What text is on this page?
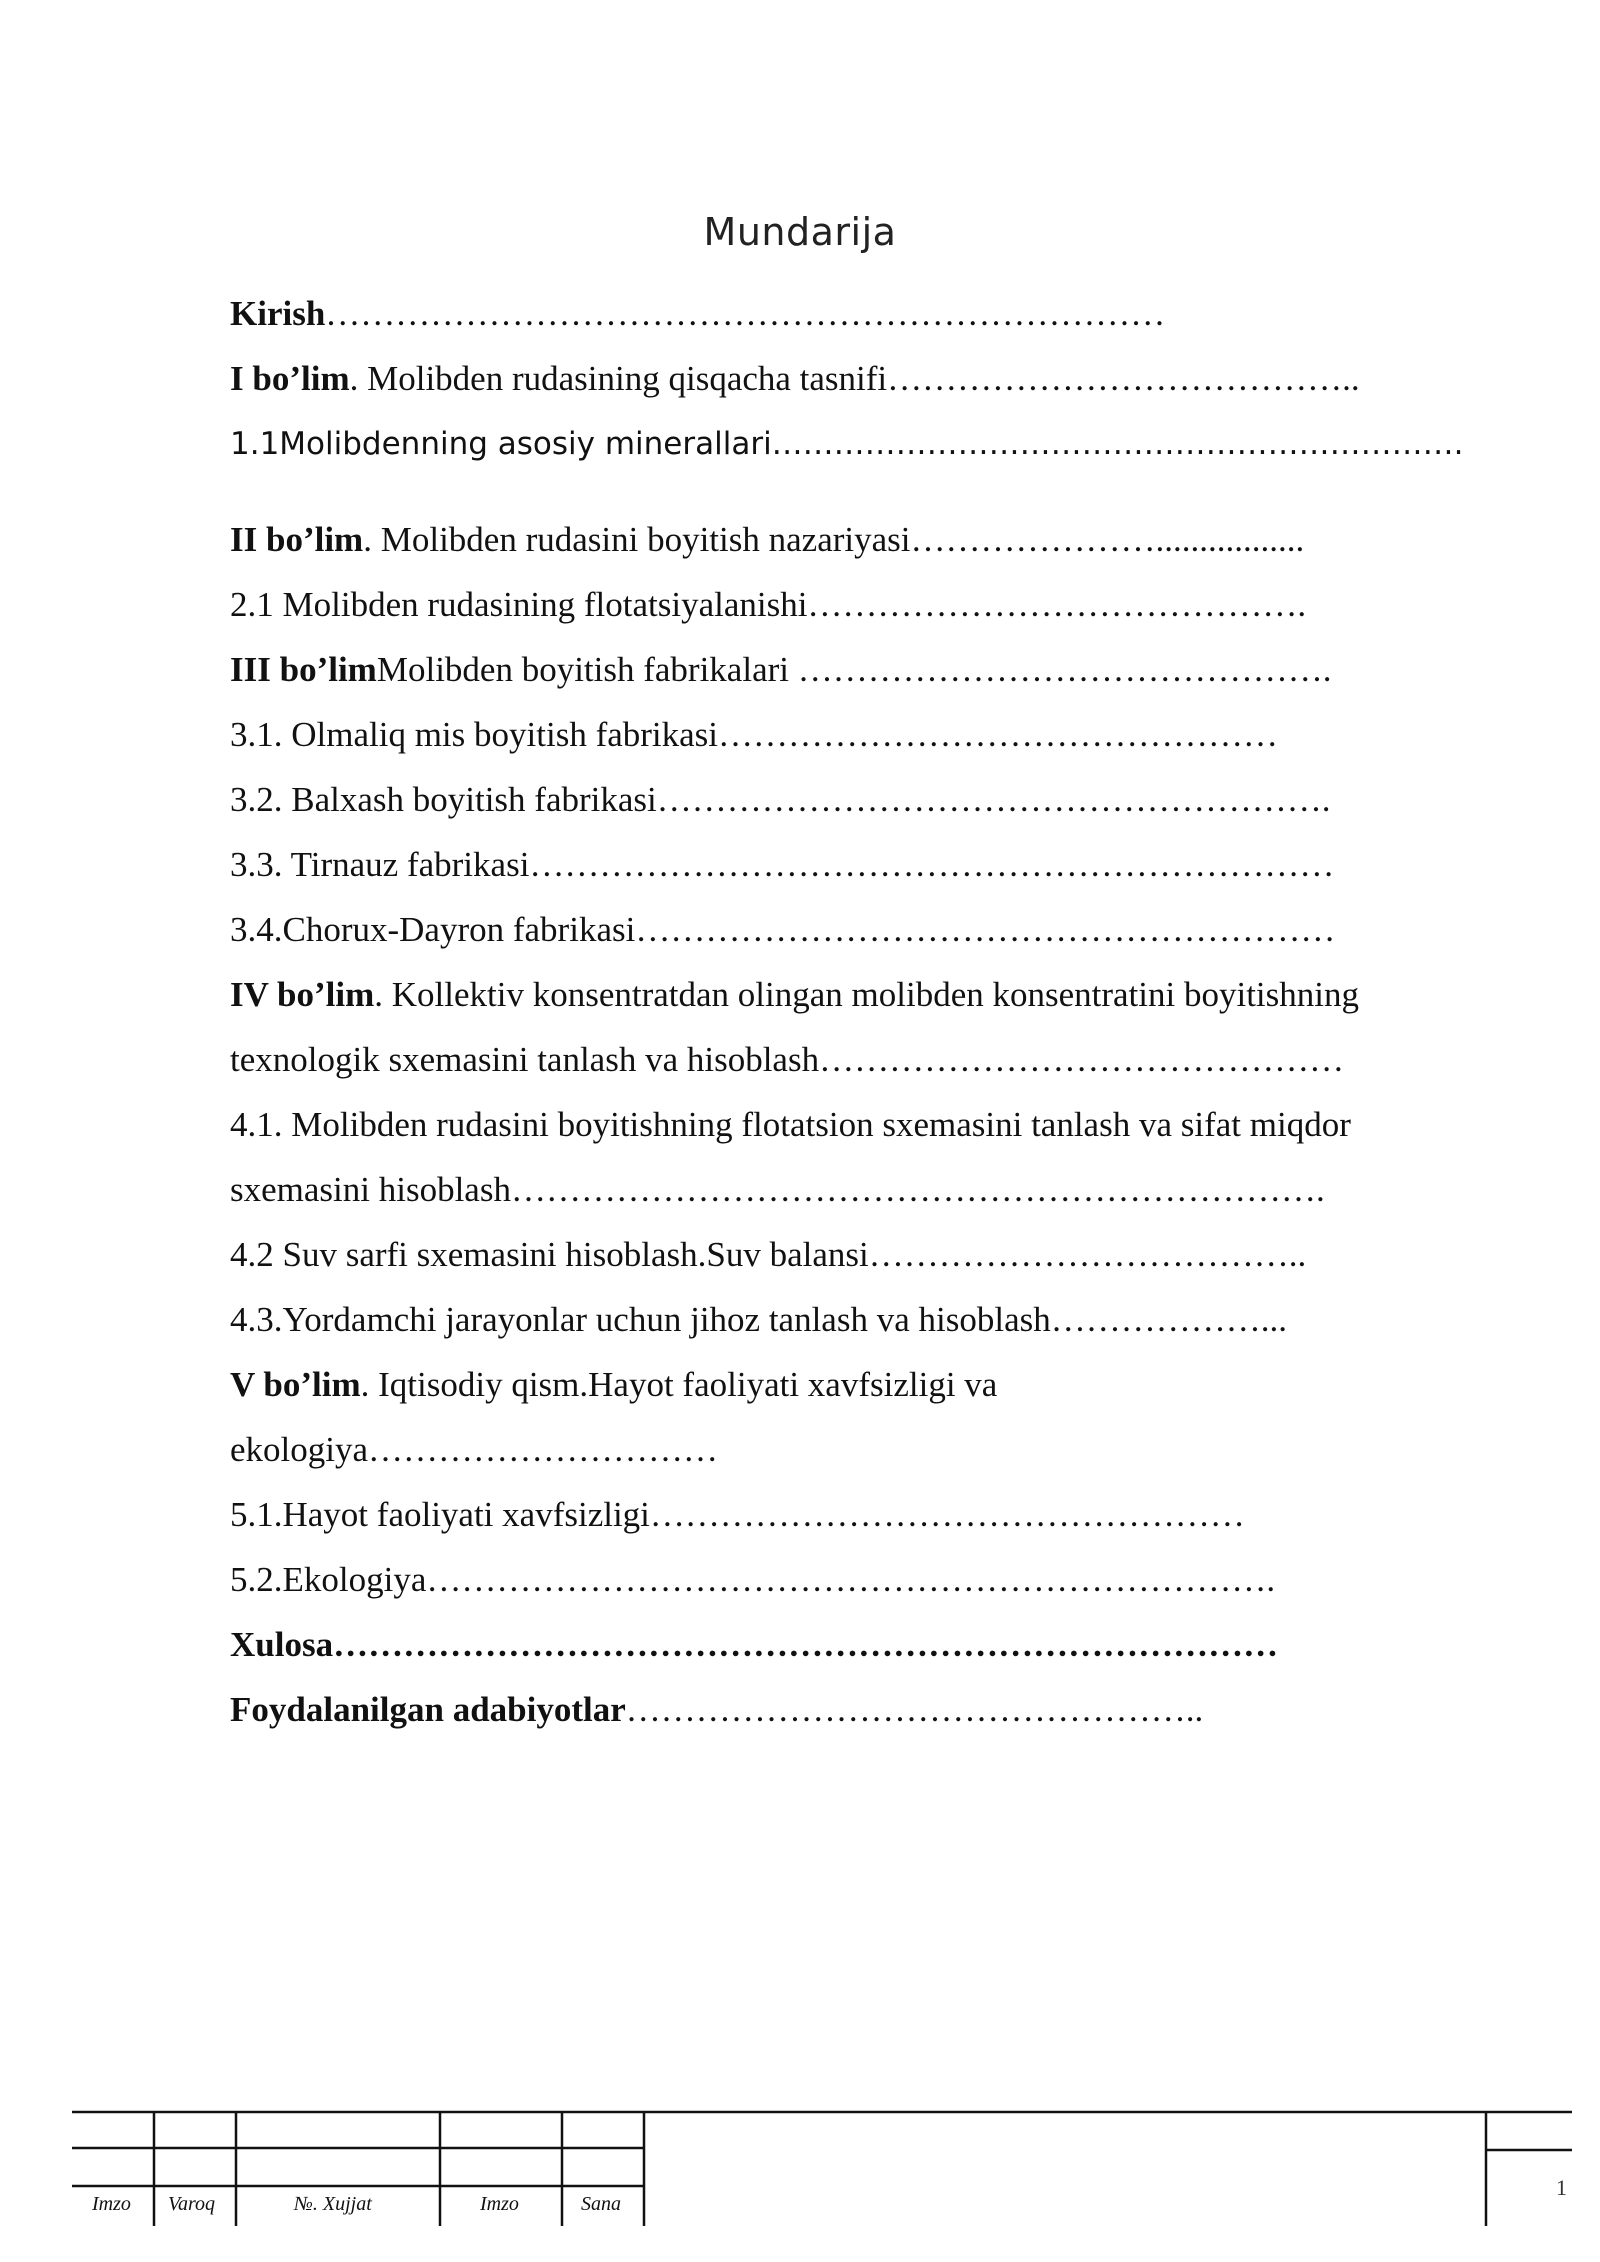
Mundarija
Kirish………………………………………………………………
I bo’lim. Molibden rudasining qisqacha tasnifi…………………………………..
1.1Molibdenning asosiy minerallari………………………………………………………….
II bo’lim. Molibden rudasini boyitish nazariyasi………………….................
2.1 Molibden rudasining flotatsiyalanishi…………………………………….
III bo’limMolibden boyitish fabrikalari ……………………………………….
3.1. Olmaliq mis boyitish fabrikasi…………………………………………
3.2. Balxash boyitish fabrikasi………………………………………………….
3.3. Tirnauz fabrikasi……………………………………………………………
3.4.Chorux-Dayron fabrikasi……………………………………………………
IV bo’lim. Kollektiv konsentratdan olingan molibden konsentratini boyitishning
texnologik sxemasini tanlash va hisoblash………………………………………
4.1. Molibden rudasini boyitishning flotatsion sxemasini tanlash va sifat miqdor
sxemasini hisoblash…………………………………………………………….
4.2 Suv sarfi sxemasini hisoblash.Suv balansi………………………………..
4.3.Yordamchi jarayonlar uchun jihoz tanlash va hisoblash………………...
V bo’lim. Iqtisodiy qism.Hayot faoliyati xavfsizligi va
ekologiya…………………………
5.1.Hayot faoliyati xavfsizligi……………………………………………
5.2.Ekologiya……………………………………………………………….
Xulosa………………………………………………………………………
Foydalanilgan adabiyotlar…………………………………………..
Imzo Varoq	№. Xujjat	Imzo	Sana
1
